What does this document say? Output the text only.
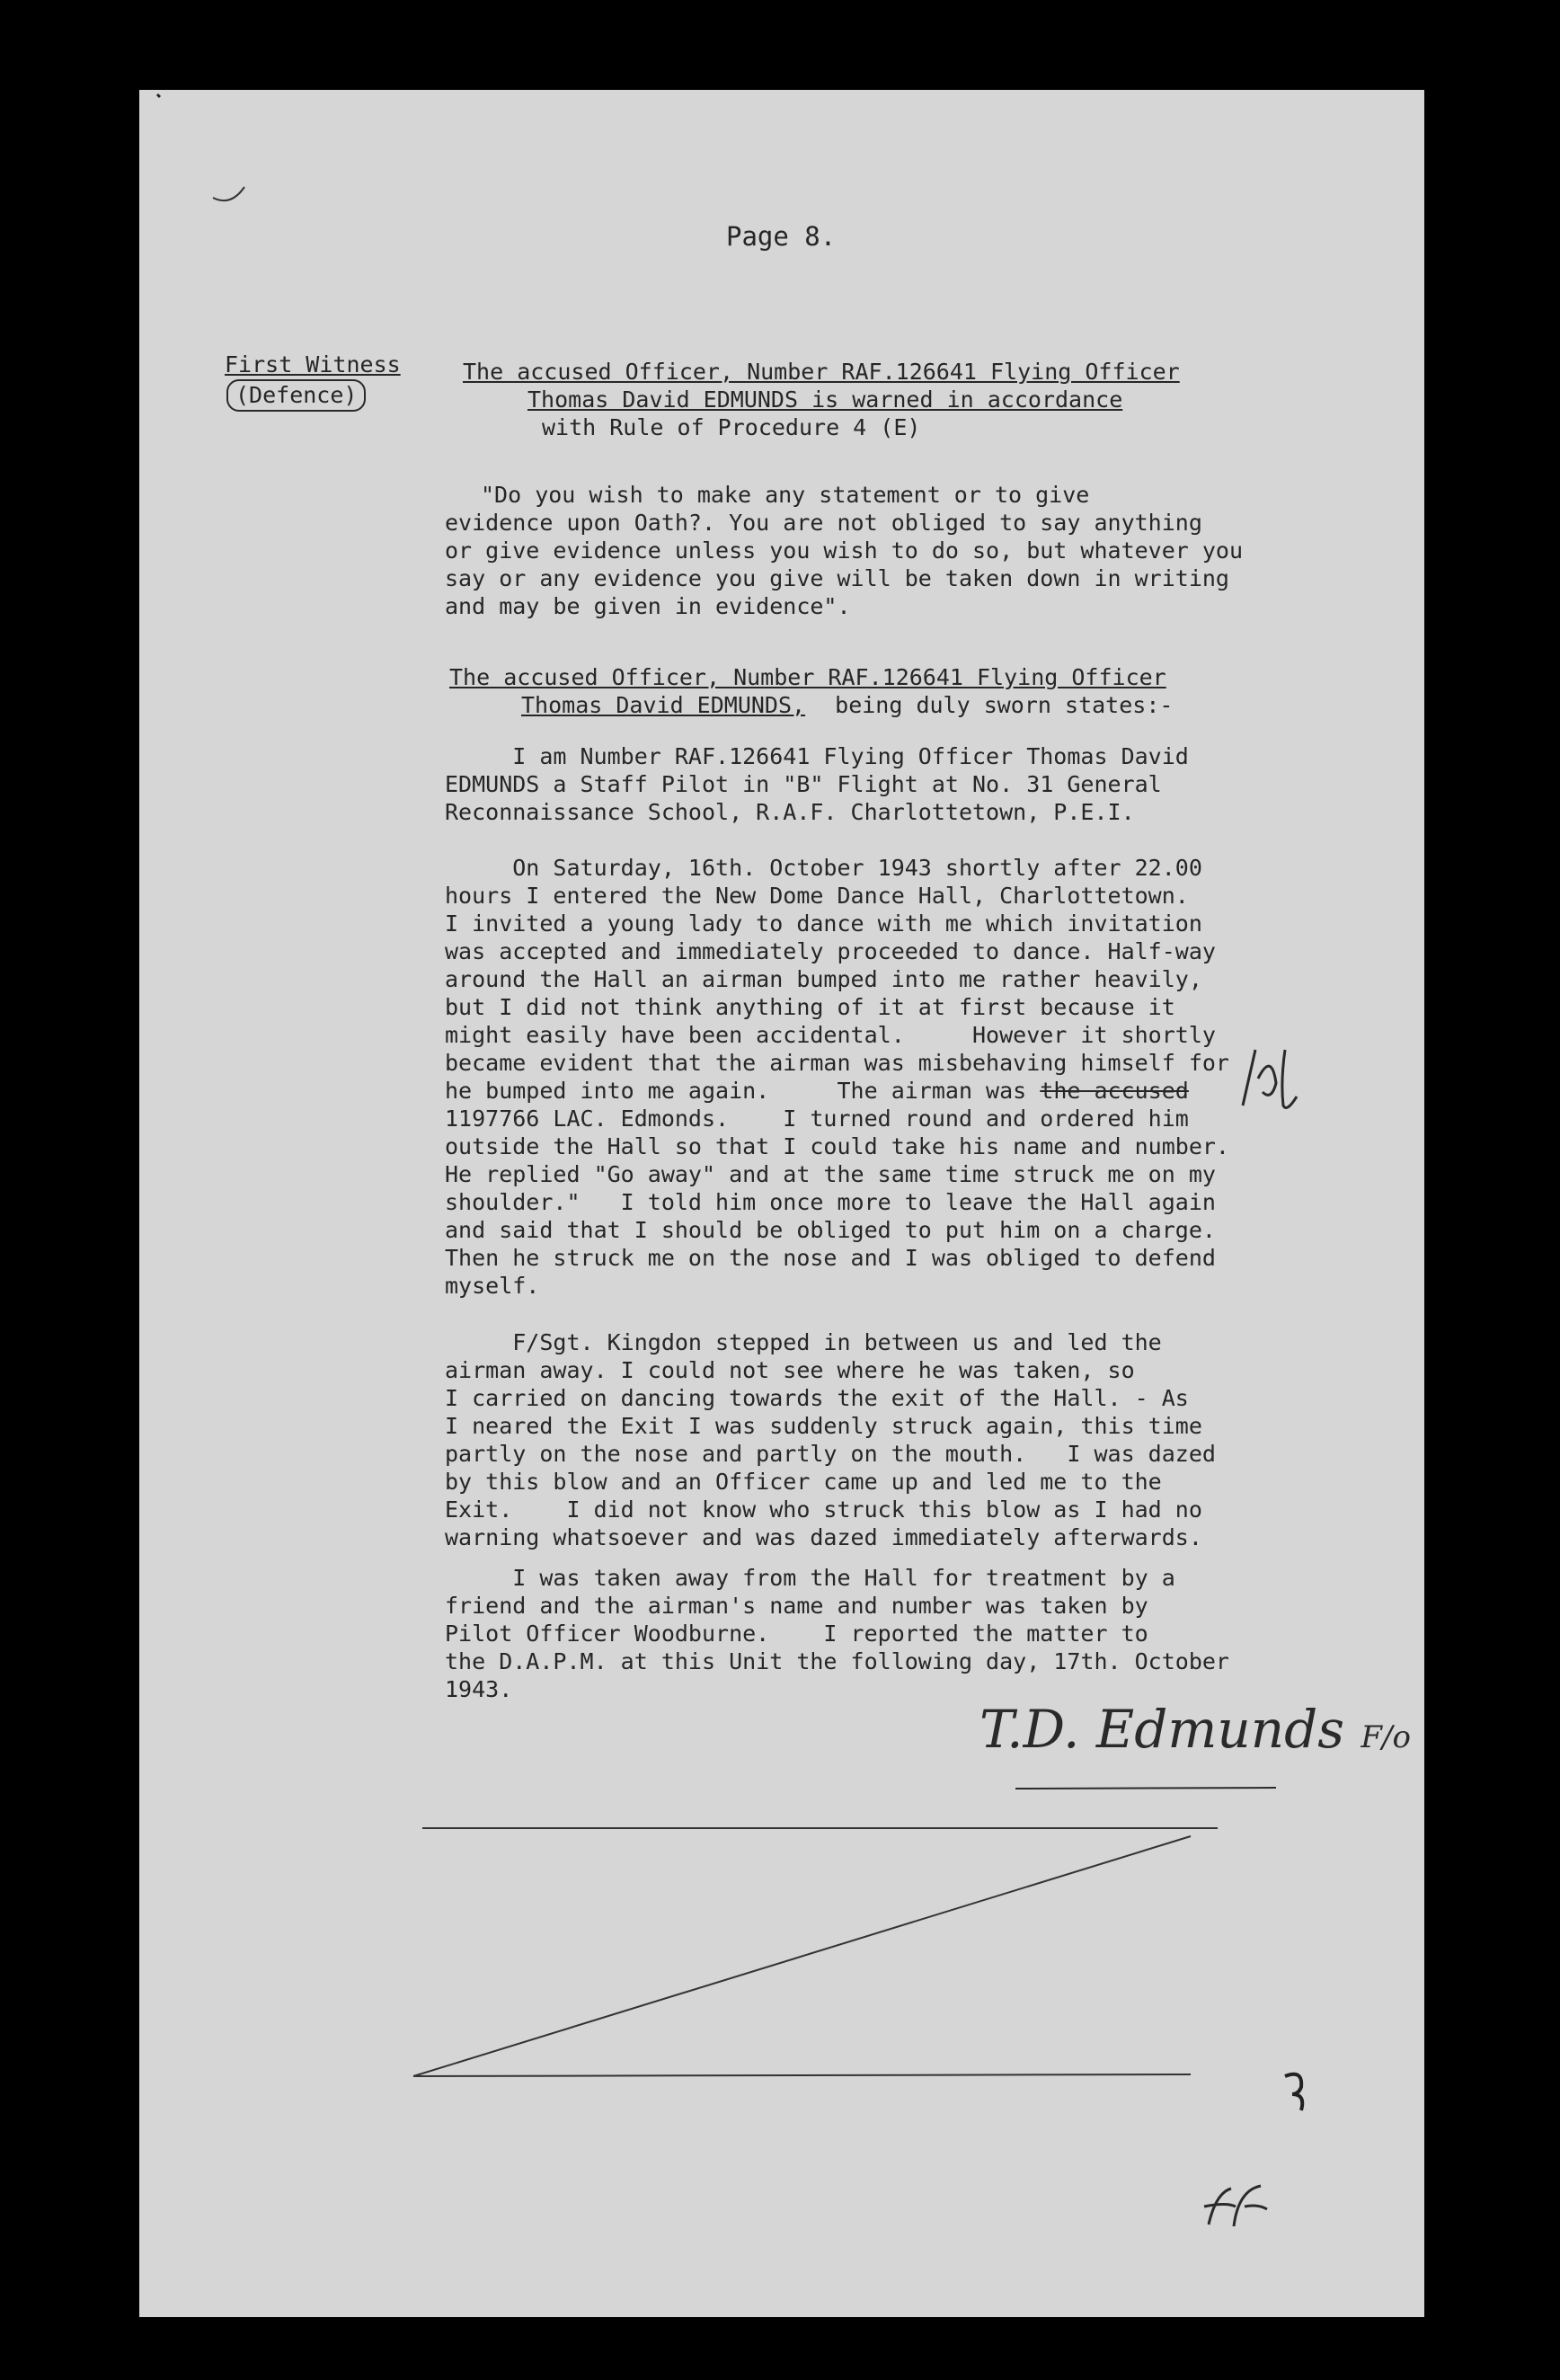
Page 8.
First Witness
(Defence)
The accused Officer, Number RAF.126641 Flying Officer
Thomas David EDMUNDS is warned in accordance
with Rule of Procedure 4 (E)

"Do you wish to make any statement or to give

evidence upon Oath?. You are not obliged to say anything

or give evidence unless you wish to do so, but whatever you

say or any evidence you give will be taken down in writing

and may be given in evidence".

The accused Officer, Number RAF.126641 Flying Officer
Thomas David EDMUNDS, being duly sworn states:-

I am Number RAF.126641 Flying Officer Thomas David

EDMUNDS a Staff Pilot in "B" Flight at No. 31 General

Reconnaissance School, R.A.F. Charlottetown, P.E.I.

On Saturday, 16th. October 1943 shortly after 22.00

hours I entered the New Dome Dance Hall, Charlottetown.

I invited a young lady to dance with me which invitation

was accepted and immediately proceeded to dance. Half-way

around the Hall an airman bumped into me rather heavily,

but I did not think anything of it at first because it

might easily have been accidental.     However it shortly

became evident that the airman was misbehaving himself for

he bumped into me again.     The airman was the accused

1197766 LAC. Edmonds.    I turned round and ordered him

outside the Hall so that I could take his name and number.

He replied "Go away" and at the same time struck me on my

shoulder."   I told him once more to leave the Hall again

and said that I should be obliged to put him on a charge.

Then he struck me on the nose and I was obliged to defend

myself.

F/Sgt. Kingdon stepped in between us and led the

airman away. I could not see where he was taken, so

I carried on dancing towards the exit of the Hall. - As

I neared the Exit I was suddenly struck again, this time

partly on the nose and partly on the mouth.   I was dazed

by this blow and an Officer came up and led me to the

Exit.    I did not know who struck this blow as I had no

warning whatsoever and was dazed immediately afterwards.

I was taken away from the Hall for treatment by a

friend and the airman's name and number was taken by

Pilot Officer Woodburne.    I reported the matter to

the D.A.P.M. at this Unit the following day, 17th. October

1943.

T.D. Edmunds F/o
